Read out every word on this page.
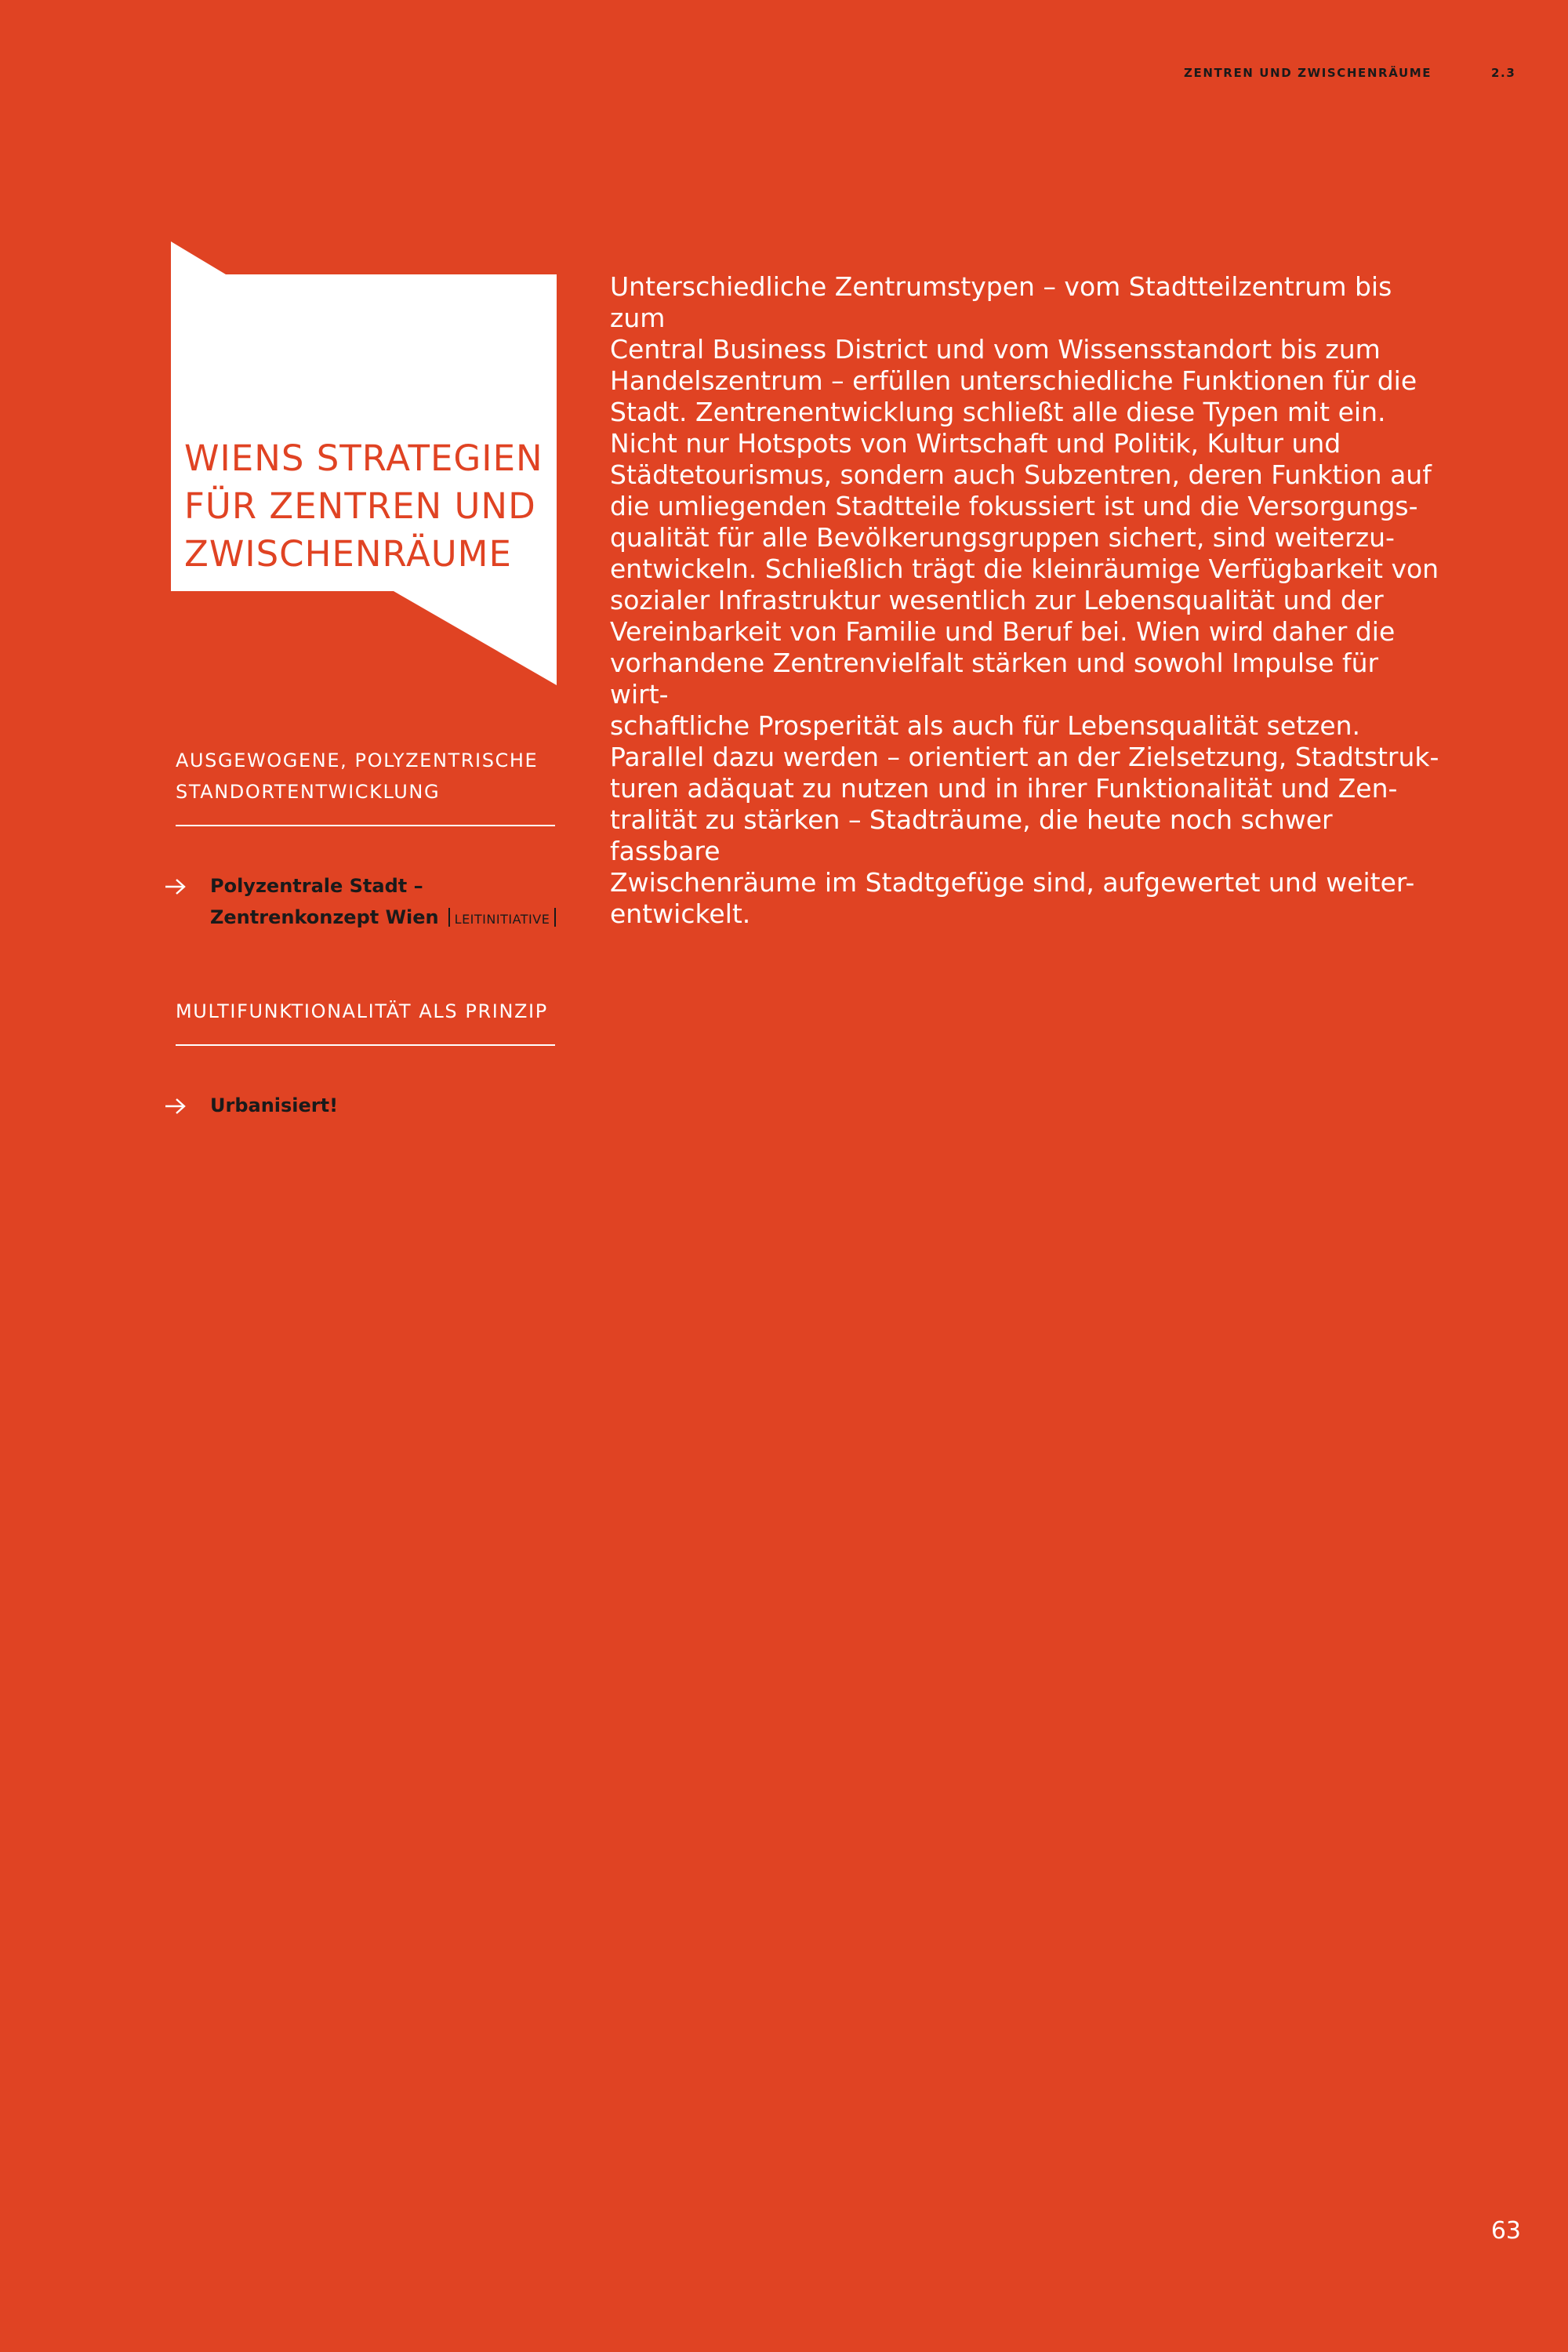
ZENTREN UND ZWISCHENRÄUME	2.3
WIENS STRATEGIEN
FÜR ZENTREN UND
ZWISCHENRÄUME
AUSGEWOGENE, POLYZENTRISCHE
STANDORTENTWICKLUNG
Polyzentrale Stadt –
Zentrenkonzept Wien LEITINITIATIVE
MULTIFUNKTIONALITÄT ALS PRINZIP
Urbanisiert!

Unterschiedliche Zentrumstypen – vom Stadtteilzentrum bis zum
Central Business District und vom Wissensstandort bis zum
Handelszentrum – erfüllen unterschiedliche Funktionen für die
Stadt. Zentrenentwicklung schließt alle diese Typen mit ein.
Nicht nur Hotspots von Wirtschaft und Politik, Kultur und
Städtetourismus, sondern auch Subzentren, deren Funktion auf
die umliegenden Stadtteile fokussiert ist und die Versorgungs-
qualität für alle Bevölkerungsgruppen sichert, sind weiterzu-
entwickeln. Schließlich trägt die kleinräumige Verfügbarkeit von
sozialer Infrastruktur wesentlich zur Lebensqualität und der
Vereinbarkeit von Familie und Beruf bei. Wien wird daher die
vorhandene Zentrenvielfalt stärken und sowohl Impulse für wirt-
schaftliche Prosperität als auch für Lebensqualität setzen.
Parallel dazu werden – orientiert an der Zielsetzung, Stadtstruk-
turen adäquat zu nutzen und in ihrer Funktionalität und Zen-
tralität zu stärken – Stadträume, die heute noch schwer fassbare
Zwischenräume im Stadtgefüge sind, aufgewertet und weiter-
entwickelt.

63
